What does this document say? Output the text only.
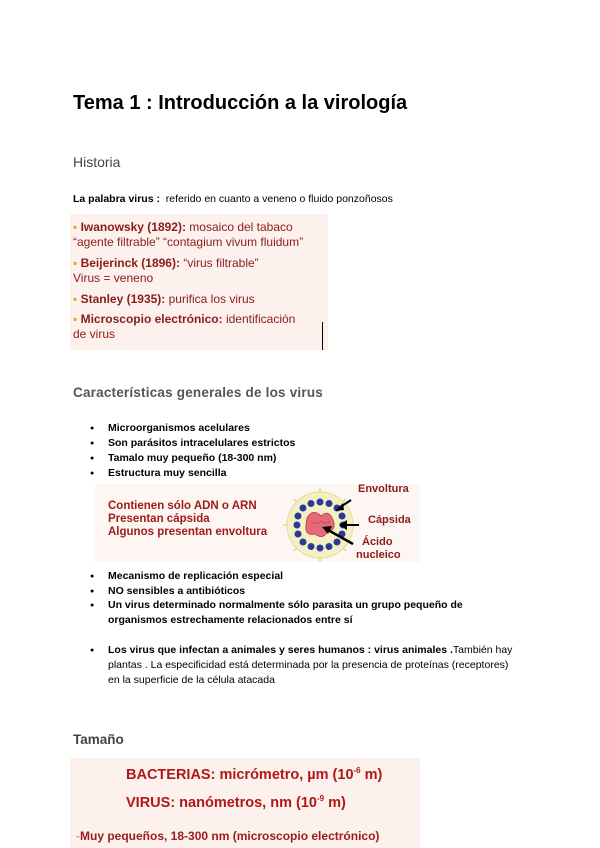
Tema 1 : Introducción a la virología
Historia
La palabra virus : referido en cuanto a veneno o fluido ponzoñosos
▪ Iwanowsky (1892): mosaico del tabaco
“agente filtrable” “contagium vivum fluidum”
▪ Beijerinck (1896): “virus filtrable”
Virus = veneno
▪ Stanley (1935): purifica los virus
▪ Microscopio electrónico: identificación
de virus
Características generales de los virus
Microorganismos acelulares
Son parásitos intracelulares estrictos
Tamalo muy pequeño (18-300 nm)
Estructura muy sencilla
Contienen sólo ADN o ARN
Presentan cápsida
Algunos presentan envoltura
Envoltura
Cápsida
Ácido
nucleico
Mecanismo de replicación especial
NO sensibles a antibióticos
Un virus determinado normalmente sólo parasita un grupo pequeño de organismos estrechamente relacionados entre sí
Los virus que infectan a animales y seres humanos : virus animales .También hay plantas . La especificidad está determinada por la presencia de proteínas (receptores) en la superficie de la célula atacada
Tamaño
BACTERIAS: micrómetro, µm ($10^{-6}$ m)
VIRUS: nanómetros, nm ($10^{-9}$ m)
-Muy pequeños, 18-300 nm (microscopio electrónico)
